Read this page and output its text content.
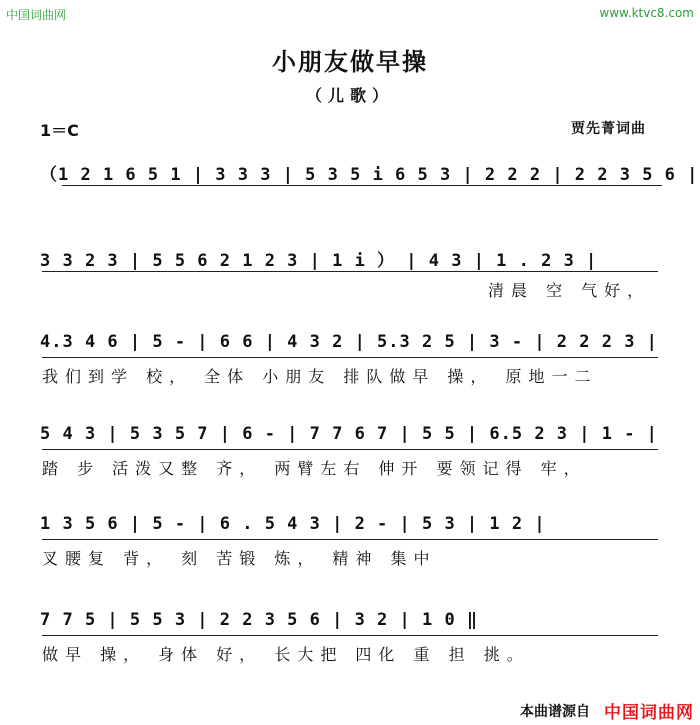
中国词曲网	www.ktvc8.com
小朋友做早操
（儿歌）
1＝C	贾先菁词曲
（1 2 1 6 5 1 | 3 3 3 | 5 3 5 i 6 5 3 | 2 2 2 | 2 2 3 5 6 |
3 3 2 3 | 5 5 6 2 1 2 3 | 1 i ） | 4 3 | 1 . 2 3 |
清晨 空 气好，
4.3 4 6 | 5 - | 6 6 | 4 3 2 | 5.3 2 5 | 3 - | 2 2 2 3 |
我们到学 校， 全体 小朋友 排队做早 操， 原地一二
5 4 3 | 5 3 5 7 | 6 - | 7 7 6 7 | 5 5 | 6.5 2 3 | 1 - |
踏 步 活泼又整 齐， 两臂左右 伸开 要领记得 牢，
1 3 5 6 | 5 - | 6 . 5 4 3 | 2 - | 5 3 | 1 2 |
叉腰复 背， 刻 苦锻 炼， 精神 集中
7 7 5 | 5 5 3 | 2 2 3 5 6 | 3 2 | 1 0 ‖
做早 操， 身体 好， 长大把 四化 重 担 挑。
本曲谱源自 中国词曲网
